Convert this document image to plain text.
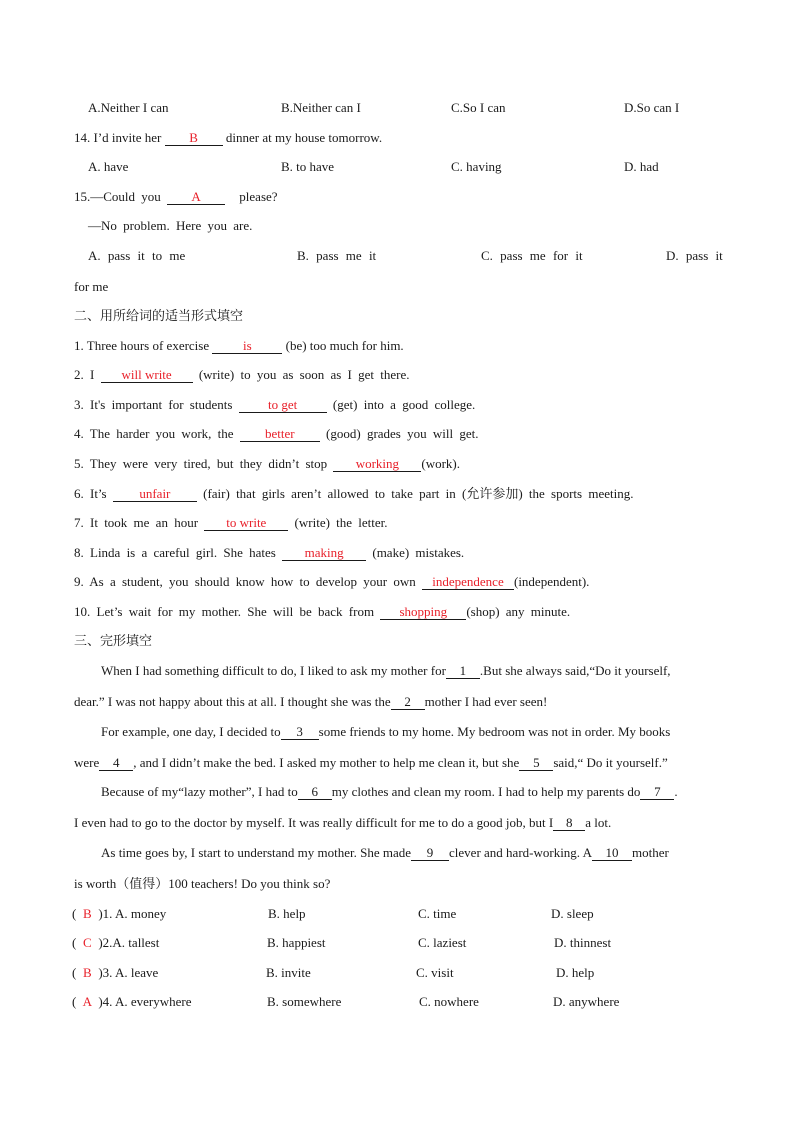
A.Neither I can	B.Neither can I	C.So I can	D.So can I
14. I’d invite her B dinner at my house tomorrow.
A. have	B. to have	C. having	D. had
15.—Could you A please?
—No problem. Here you are.
A. pass it to me	B. pass me it	C. pass me for it	D. pass it
for me
二、用所给词的适当形式填空
1. Three hours of exercise is (be) too much for him.
2. I will write (write) to you as soon as I get there.
3. It's important for students to get (get) into a good college.
4. The harder you work, the better (good) grades you will get.
5. They were very tired, but they didn’t stop working (work).
6. It’s unfair (fair) that girls aren’t allowed to take part in (允许参加) the sports meeting.
7. It took me an hour to write (write) the letter.
8. Linda is a careful girl. She hates making (make) mistakes.
9. As a student, you should know how to develop your own independence (independent).
10. Let’s wait for my mother. She will be back from shopping (shop) any minute.
三、完形填空
When I had something difficult to do, I liked to ask my mother for 1 .But she always said,“Do it yourself,
dear.” I was not happy about this at all. I thought she was the 2 mother I had ever seen!
For example, one day, I decided to 3 some friends to my home. My bedroom was not in order. My books
were 4 , and I didn’t make the bed. I asked my mother to help me clean it, but she 5 said,“ Do it yourself.”
Because of my“lazy mother”, I had to 6 my clothes and clean my room. I had to help my parents do 7 .
I even had to go to the doctor by myself. It was really difficult for me to do a good job, but I 8 a lot.
As time goes by, I start to understand my mother. She made 9 clever and hard-working. A 10 mother
is worth（值得）100 teachers! Do you think so?
( B )1. A. money	B. help	C. time	D. sleep
( C )2.A. tallest	B. happiest	C. laziest	D. thinnest
( B )3. A. leave	B. invite	C. visit	D. help
( A )4. A. everywhere	B. somewhere	C. nowhere	D. anywhere
